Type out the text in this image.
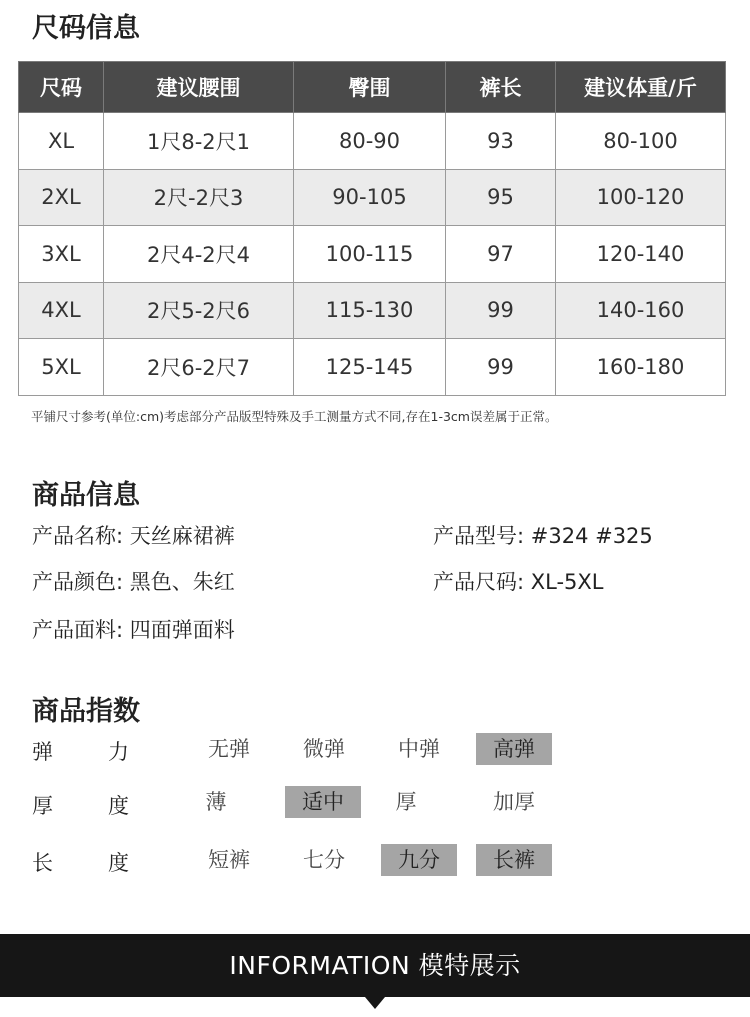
尺码信息
尺码	建议腰围	臀围	裤长	建议体重/斤
XL	1尺8-2尺1	80-90	93	80-100
2XL	2尺-2尺3	90-105	95	100-120
3XL	2尺4-2尺4	100-115	97	120-140
4XL	2尺5-2尺6	115-130	99	140-160
5XL	2尺6-2尺7	125-145	99	160-180
平铺尺寸参考(单位:cm)考虑部分产品版型特殊及手工测量方式不同,存在1-3cm误差属于正常。
商品信息
产品名称: 天丝麻裙裤	产品型号: #324 #325
产品颜色: 黑色、朱红	产品尺码: XL-5XL
产品面料: 四面弹面料
商品指数
弹	力	无弹	微弹	中弹	高弹
厚	度	薄	适中	厚	加厚
长	度	短裤	七分	九分	长裤
INFORMATION 模特展示
